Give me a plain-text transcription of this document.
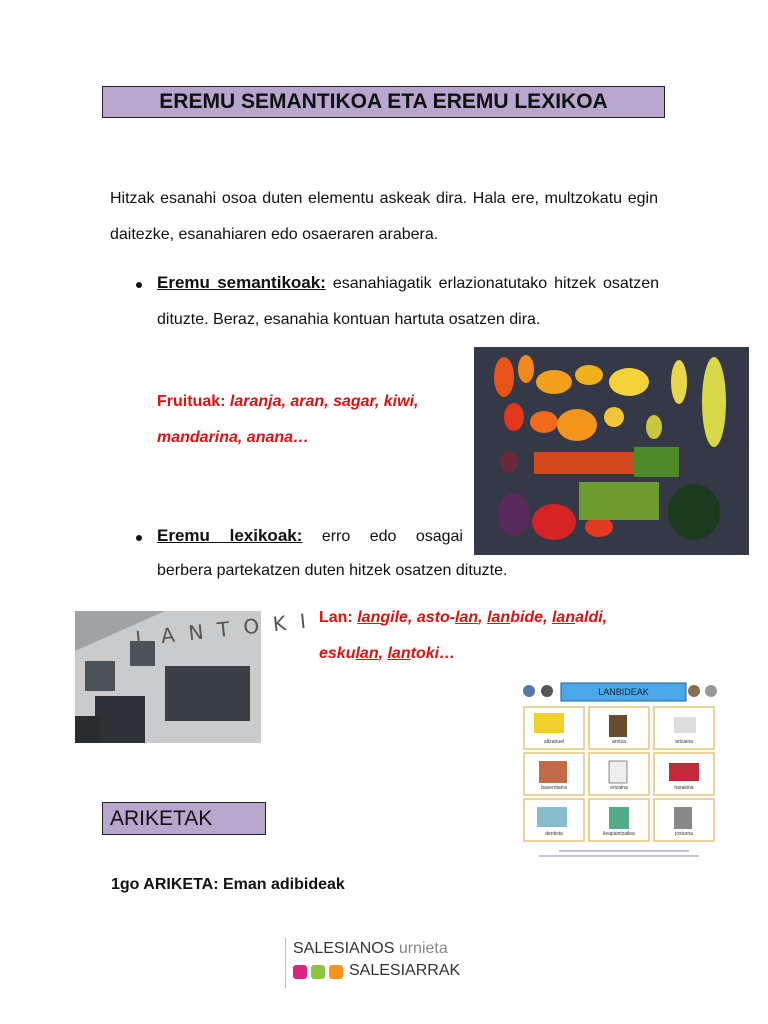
EREMU SEMANTIKOA ETA EREMU LEXIKOA
Hitzak esanahi osoa duten elementu askeak dira. Hala ere, multzokatu egin daitezke, esanahiaren edo osaeraren arabera.
Eremu semantikoak: esanahiagatik erlazionatutako hitzek osatzen dituzte. Beraz, esanahia kontuan hartuta osatzen dira.
Fruituak: laranja, aran, sagar, kiwi, mandarina, anana…
Eremu lexikoak: erro edo osagai
berbera partekatzen duten hitzek osatzen dituzte.
LANTOKI
Lan: langile, asto-lan, lanbide, lanaldi, eskulan, lantoki…
LANBIDEAK
altzairuel	arotza	artzaina
baserritarra	erizaina	harakina
dentista	ileapaintzailea	josturna
ARIKETAK
1go ARIKETA: Eman adibideak
SALESIANOS urnieta
SALESIARRAK
